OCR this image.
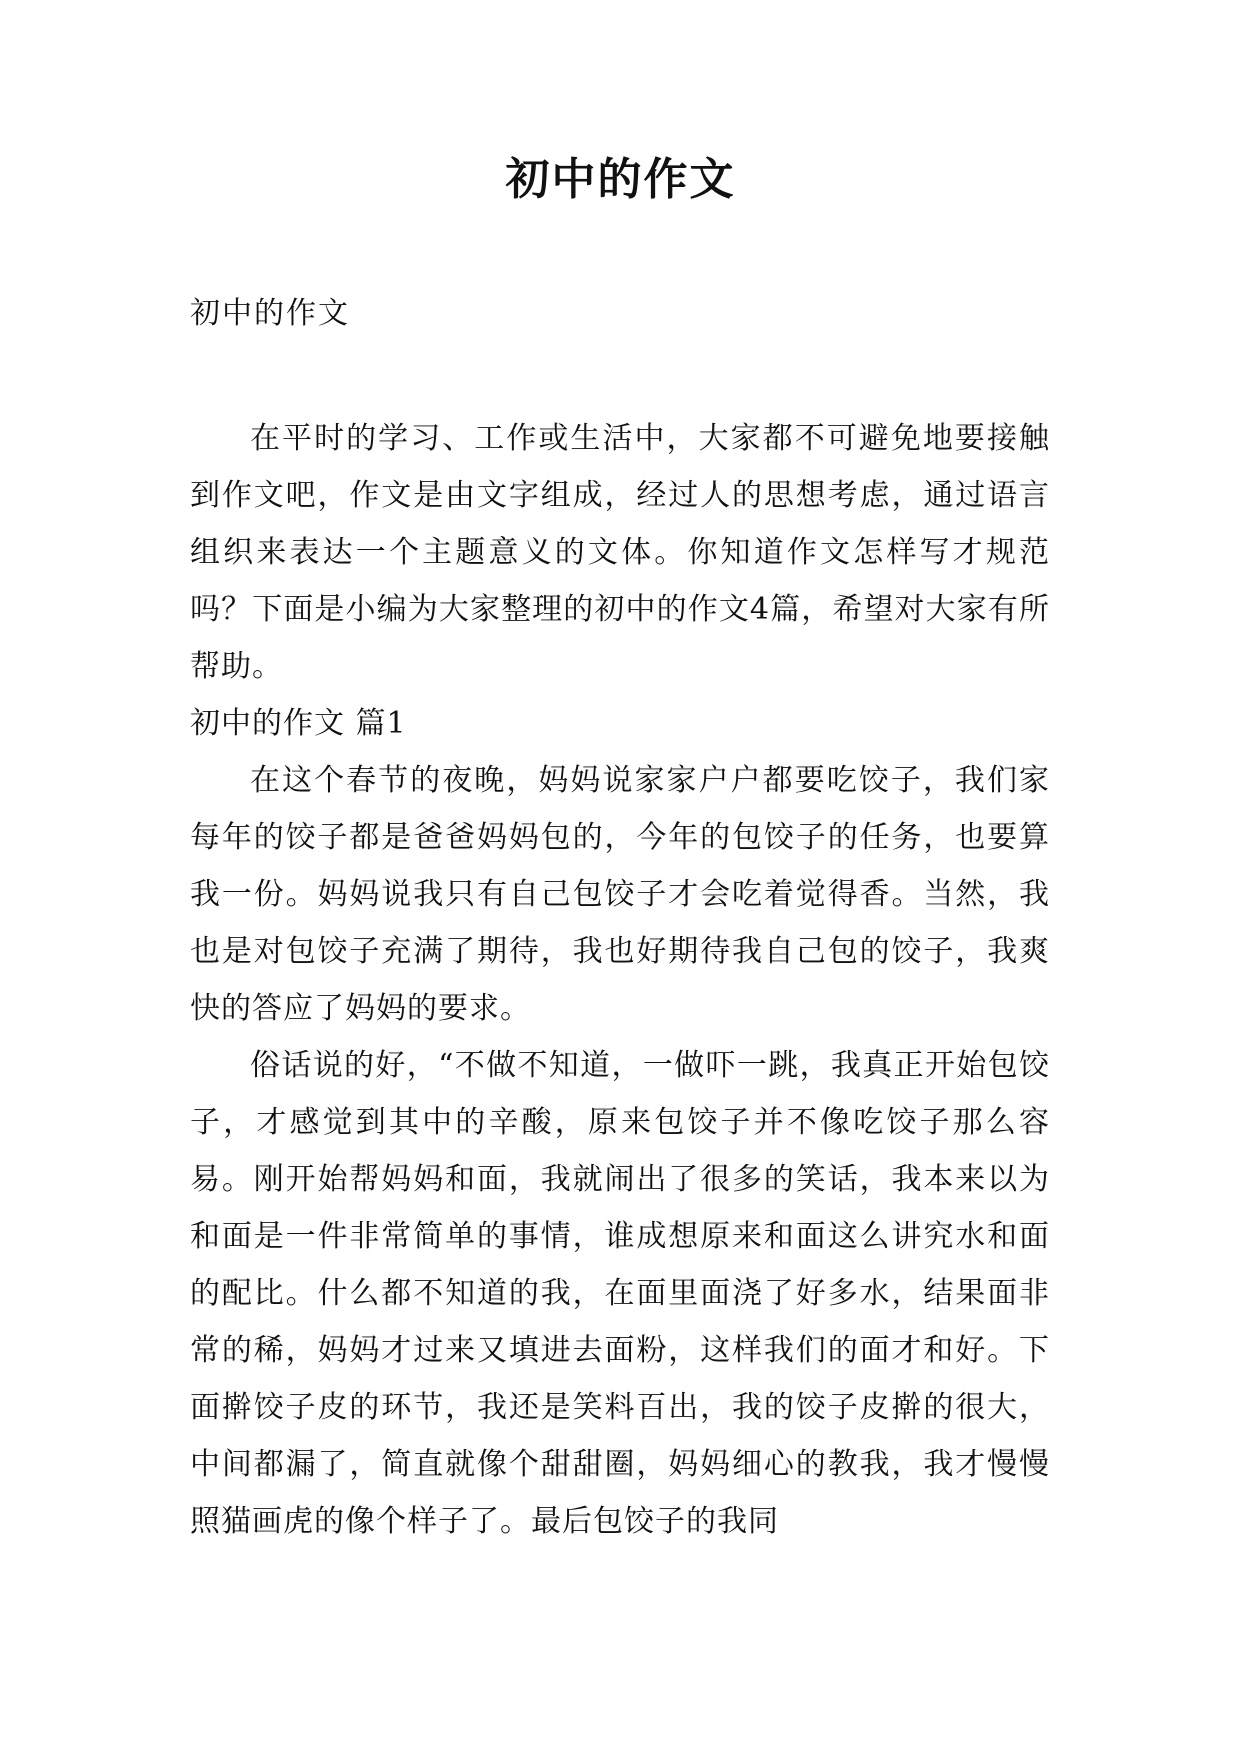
初中的作文
初中的作文

在平时的学习、工作或生活中，大家都不可避免地要接触到作文吧，作文是由文字组成，经过人的思想考虑，通过语言组织来表达一个主题意义的文体。你知道作文怎样写才规范吗？下面是小编为大家整理的初中的作文4篇，希望对大家有所帮助。

初中的作文 篇1

在这个春节的夜晚，妈妈说家家户户都要吃饺子，我们家每年的饺子都是爸爸妈妈包的，今年的包饺子的任务，也要算我一份。妈妈说我只有自己包饺子才会吃着觉得香。当然，我也是对包饺子充满了期待，我也好期待我自己包的饺子，我爽快的答应了妈妈的要求。

俗话说的好，“不做不知道，一做吓一跳，我真正开始包饺子，才感觉到其中的辛酸，原来包饺子并不像吃饺子那么容易。刚开始帮妈妈和面，我就闹出了很多的笑话，我本来以为和面是一件非常简单的事情，谁成想原来和面这么讲究水和面的配比。什么都不知道的我，在面里面浇了好多水，结果面非常的稀，妈妈才过来又填进去面粉，这样我们的面才和好。下面擀饺子皮的环节，我还是笑料百出，我的饺子皮擀的很大，中间都漏了，简直就像个甜甜圈，妈妈细心的教我，我才慢慢照猫画虎的像个样子了。最后包饺子的我同
